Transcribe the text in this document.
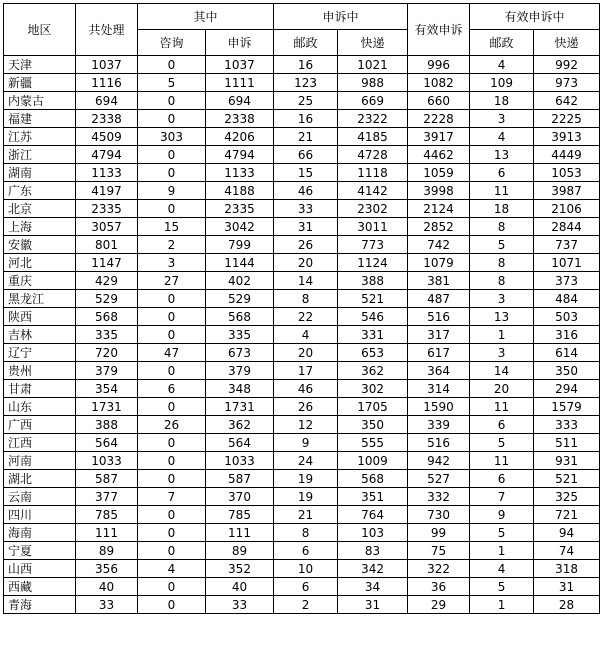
地区	共处理	其中		申诉中		有效申诉	有效申诉中	
		咨询	申诉	邮政	快递		邮政	快递
天津	1037	0	1037	16	1021	996	4	992
新疆	1116	5	1111	123	988	1082	109	973
内蒙古	694	0	694	25	669	660	18	642
福建	2338	0	2338	16	2322	2228	3	2225
江苏	4509	303	4206	21	4185	3917	4	3913
浙江	4794	0	4794	66	4728	4462	13	4449
湖南	1133	0	1133	15	1118	1059	6	1053
广东	4197	9	4188	46	4142	3998	11	3987
北京	2335	0	2335	33	2302	2124	18	2106
上海	3057	15	3042	31	3011	2852	8	2844
安徽	801	2	799	26	773	742	5	737
河北	1147	3	1144	20	1124	1079	8	1071
重庆	429	27	402	14	388	381	8	373
黑龙江	529	0	529	8	521	487	3	484
陕西	568	0	568	22	546	516	13	503
吉林	335	0	335	4	331	317	1	316
辽宁	720	47	673	20	653	617	3	614
贵州	379	0	379	17	362	364	14	350
甘肃	354	6	348	46	302	314	20	294
山东	1731	0	1731	26	1705	1590	11	1579
广西	388	26	362	12	350	339	6	333
江西	564	0	564	9	555	516	5	511
河南	1033	0	1033	24	1009	942	11	931
湖北	587	0	587	19	568	527	6	521
云南	377	7	370	19	351	332	7	325
四川	785	0	785	21	764	730	9	721
海南	111	0	111	8	103	99	5	94
宁夏	89	0	89	6	83	75	1	74
山西	356	4	352	10	342	322	4	318
西藏	40	0	40	6	34	36	5	31
青海	33	0	33	2	31	29	1	28
